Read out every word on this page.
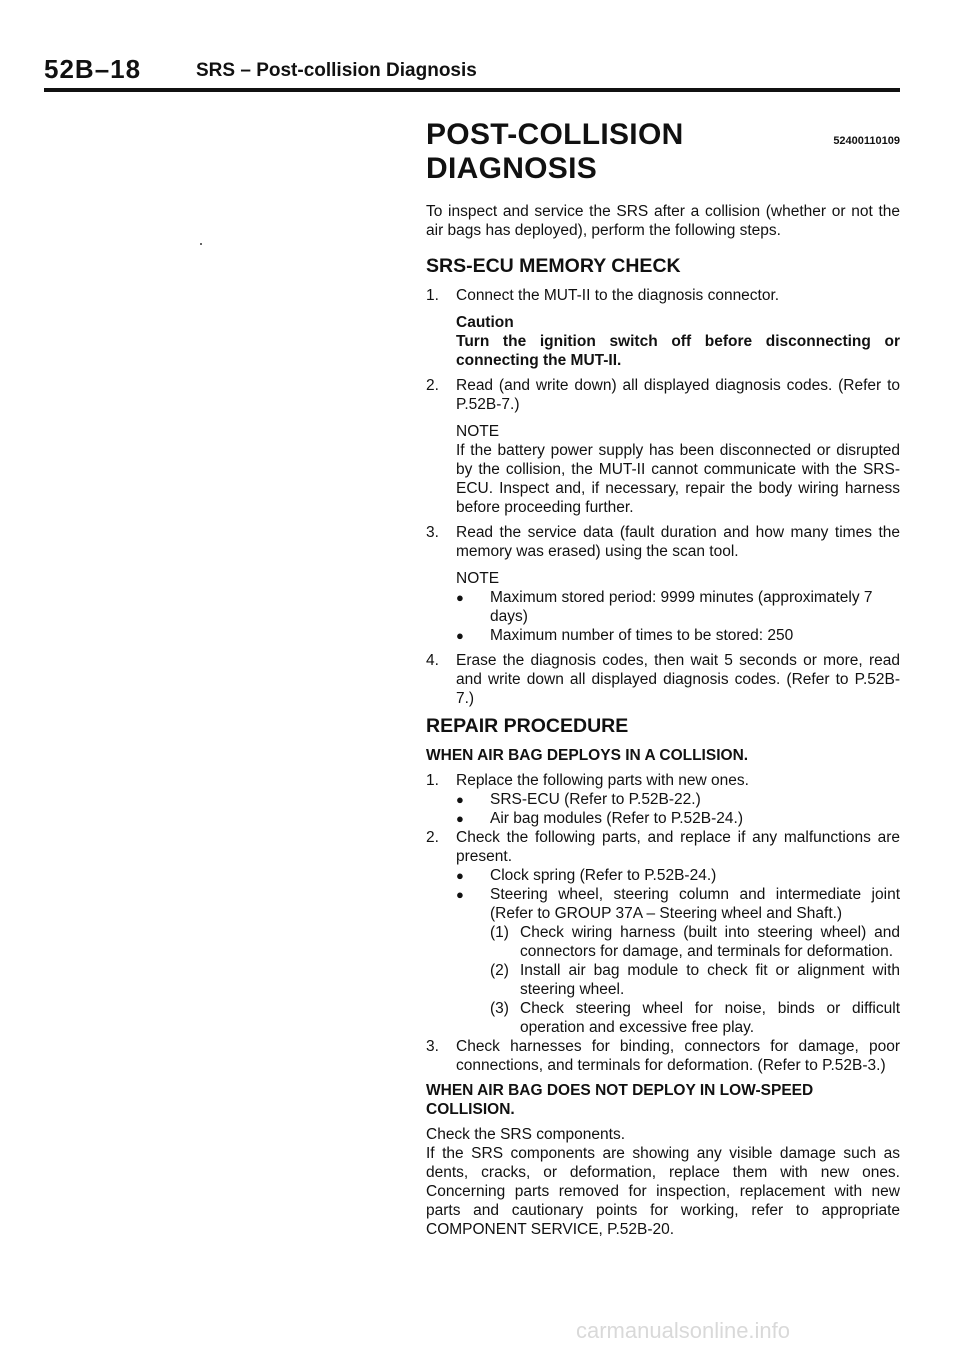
52B–18	SRS – Post-collision Diagnosis
POST-COLLISION DIAGNOSIS
52400110109

To inspect and service the SRS after a collision (whether or not the air bags has deployed), perform the following steps.

SRS-ECU MEMORY CHECK
1.	Connect the MUT-II to the diagnosis connector.

Caution

Turn the ignition switch off before disconnecting or connecting the MUT-II.

2.	Read (and write down) all displayed diagnosis codes. (Refer to P.52B-7.)

NOTE

If the battery power supply has been disconnected or disrupted by the collision, the MUT-II cannot communicate with the SRS-ECU. Inspect and, if necessary, repair the body wiring harness before proceeding further.

3.	Read the service data (fault duration and how many times the memory was erased) using the scan tool.

NOTE

●	Maximum stored period: 9999 minutes (approximately 7 days)
●	Maximum number of times to be stored: 250
4.	Erase the diagnosis codes, then wait 5 seconds or more, read and write down all displayed diagnosis codes. (Refer to P.52B-7.)

REPAIR PROCEDURE
WHEN AIR BAG DEPLOYS IN A COLLISION.
1.	Replace the following parts with new ones.

●	SRS-ECU (Refer to P.52B-22.)
●	Air bag modules (Refer to P.52B-24.)
2.	Check the following parts, and replace if any malfunctions are present.

●	Clock spring (Refer to P.52B-24.)
●	Steering wheel, steering column and intermediate joint (Refer to GROUP 37A – Steering wheel and Shaft.)

(1) Check wiring harness (built into steering wheel) and connectors for damage, and terminals for deformation.

(2) Install air bag module to check fit or alignment with steering wheel.

(3) Check steering wheel for noise, binds or difficult operation and excessive free play.

3.	Check harnesses for binding, connectors for damage, poor connections, and terminals for deformation. (Refer to P.52B-3.)

WHEN AIR BAG DOES NOT DEPLOY IN LOW-SPEED COLLISION.

Check the SRS components.

If the SRS components are showing any visible damage such as dents, cracks, or deformation, replace them with new ones. Concerning parts removed for inspection, replacement with new parts and cautionary points for working, refer to appropriate COMPONENT SERVICE, P.52B-20.

carmanualsonline.info
